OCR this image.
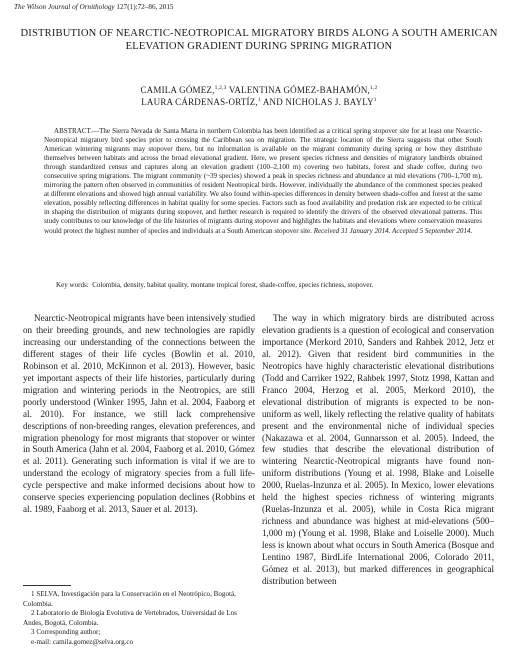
The Wilson Journal of Ornithology 127(1):72–86, 2015
DISTRIBUTION OF NEARCTIC-NEOTROPICAL MIGRATORY BIRDS ALONG A SOUTH AMERICAN ELEVATION GRADIENT DURING SPRING MIGRATION
CAMILA GÓMEZ,$^{1,2,3}$ VALENTINA GÓMEZ-BAHAMÓN,$^{1,2}$
LAURA CÁRDENAS-ORTÍZ,$^1$ AND NICHOLAS J. BAYLY$^1$
ABSTRACT.—The Sierra Nevada de Santa Marta in northern Colombia has been identified as a critical spring stopover site for at least one Nearctic-Neotropical migratory bird species prior to crossing the Caribbean sea on migration. The strategic location of the Sierra suggests that other South American wintering migrants may stopover there, but no information is available on the migrant community during spring or how they distribute themselves between habitats and across the broad elevational gradient. Here, we present species richness and densities of migratory landbirds obtained through standardized census and captures along an elevation gradient (100–2,100 m) covering two habitats, forest and shade coffee, during two consecutive spring migrations. The migrant community (~39 species) showed a peak in species richness and abundance at mid elevations (700–1,700 m), mirroring the pattern often observed in communities of resident Neotropical birds. However, individually the abundance of the commonest species peaked at different elevations and showed high annual variability. We also found within-species differences in density between shade-coffee and forest at the same elevation, possibly reflecting differences in habitat quality for some species. Factors such as food availability and predation risk are expected to be critical in shaping the distribution of migrants during stopover, and further research is required to identify the drivers of the observed elevational patterns. This study contributes to our knowledge of the life histories of migrants during stopover and highlights the habitats and elevations where conservation measures would protect the highest number of species and individuals at a South American stopover site. Received 31 January 2014. Accepted 5 September 2014.
Key words: Colombia, density, habitat quality, montane tropical forest, shade-coffee, species richness, stopover.

Nearctic-Neotropical migrants have been intensively studied on their breeding grounds, and new technologies are rapidly increasing our understanding of the connections between the different stages of their life cycles (Bowlin et al. 2010, Robinson et al. 2010, McKinnon et al. 2013). However, basic yet important aspects of their life histories, particularly during migration and wintering periods in the Neotropics, are still poorly understood (Winker 1995, Jahn et al. 2004, Faaborg et al. 2010). For instance, we still lack comprehensive descriptions of non-breeding ranges, elevation preferences, and migration phenology for most migrants that stopover or winter in South America (Jahn et al. 2004, Faaborg et al. 2010, Gómez et al. 2011). Generating such information is vital if we are to understand the ecology of migratory species from a full life-cycle perspective and make informed decisions about how to conserve species experiencing population declines (Robbins et al. 1989, Faaborg et al. 2013, Sauer et al. 2013).

1 SELVA, Investigación para la Conservación en el Neotrópico, Bogotá, Colombia.
2 Laboratorio de Biología Evolutiva de Vertebrados, Universidad de Los Andes, Bogotá, Colombia.
3 Corresponding author;
e-mail: camila.gomez@selva.org.co

The way in which migratory birds are distributed across elevation gradients is a question of ecological and conservation importance (Merkord 2010, Sanders and Rahbek 2012, Jetz et al. 2012). Given that resident bird communities in the Neotropics have highly characteristic elevational distributions (Todd and Carriker 1922, Rahbek 1997, Stotz 1998, Kattan and Franco 2004, Herzog et al. 2005, Merkord 2010), the elevational distribution of migrants is expected to be non-uniform as well, likely reflecting the relative quality of habitats present and the environmental niche of individual species (Nakazawa et al. 2004, Gunnarsson et al. 2005). Indeed, the few studies that describe the elevational distribution of wintering Nearctic-Neotropical migrants have found non-uniform distributions (Young et al. 1998, Blake and Loiselle 2000, Ruelas-Inzunza et al. 2005). In Mexico, lower elevations held the highest species richness of wintering migrants (Ruelas-Inzunza et al. 2005), while in Costa Rica migrant richness and abundance was highest at mid-elevations (500–1,000 m) (Young et al. 1998, Blake and Loiselle 2000). Much less is known about what occurs in South America (Bosque and Lentino 1987, BirdLife International 2006, Colorado 2011, Gómez et al. 2013), but marked differences in geographical distribution between
